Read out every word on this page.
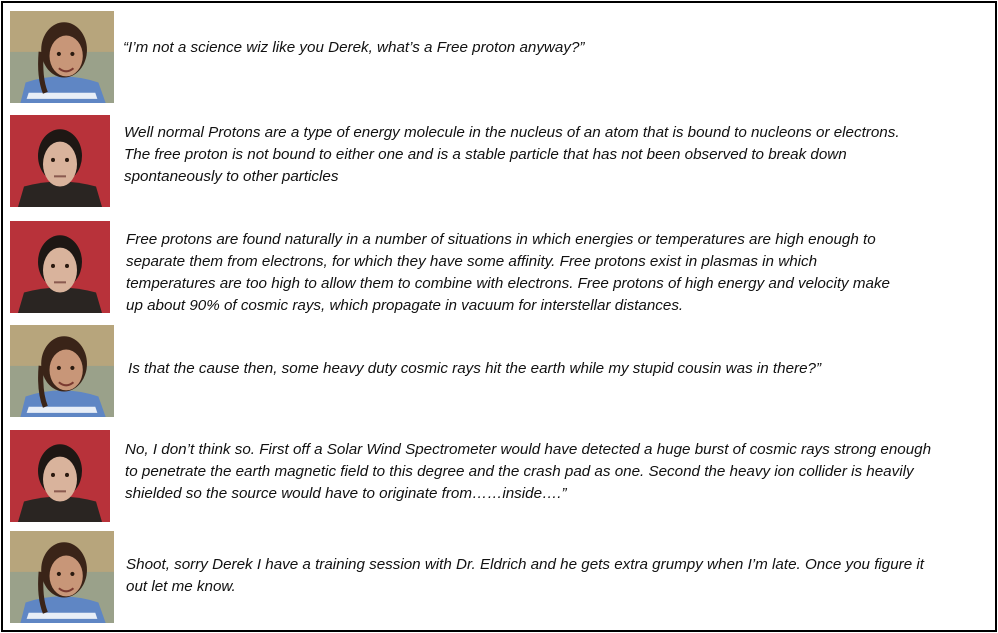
“I’m not a science wiz like you Derek, what’s a Free proton anyway?”
Well normal Protons are a type of energy molecule in the nucleus of an atom that is bound to nucleons or electrons.
The free proton is not bound to either one and is a stable particle that has not been observed to break down
spontaneously to other particles
Free protons are found naturally in a number of situations in which energies or temperatures are high enough to
separate them from electrons, for which they have some affinity. Free protons exist in plasmas in which
temperatures are too high to allow them to combine with electrons. Free protons of high energy and velocity make
up about 90% of cosmic rays, which propagate in vacuum for interstellar distances.
Is that the cause then, some heavy duty cosmic rays hit the earth while my stupid cousin was in there?”
No, I don’t think so. First off a Solar Wind Spectrometer would have detected a huge burst of cosmic rays strong enough
to penetrate the earth magnetic field to this degree and the crash pad as one. Second the heavy ion collider is heavily
shielded so the source would have to originate from……inside….”
Shoot, sorry Derek I have a training session with Dr. Eldrich and he gets extra grumpy when I’m late. Once you figure it
out let me know.
